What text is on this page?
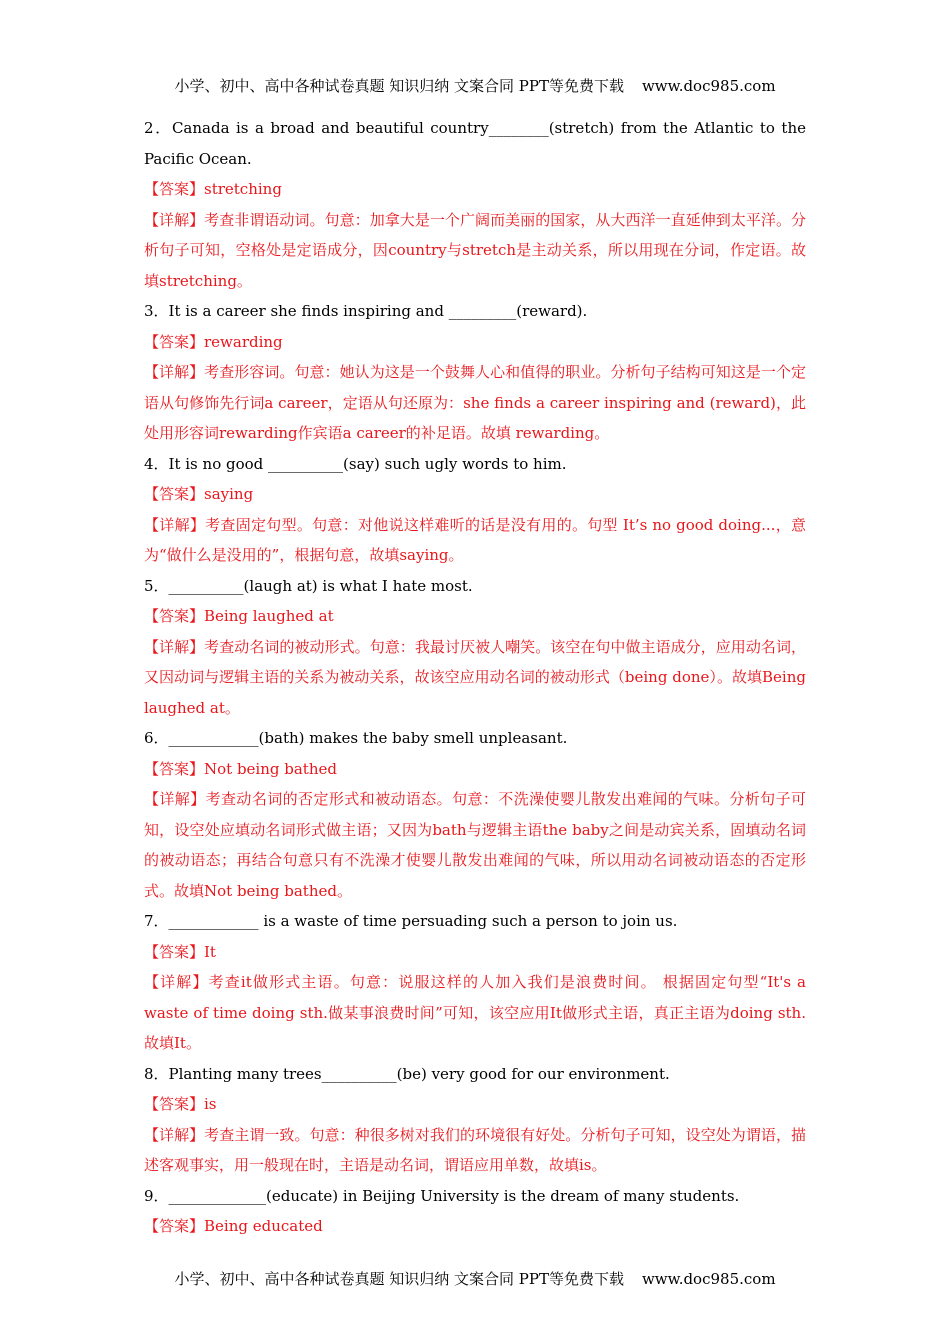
小学、初中、高中各种试卷真题 知识归纳 文案合同 PPT等免费下载 www.doc985.com
2．Canada is a broad and beautiful country________(stretch) from the Atlantic to the Pacific Ocean.
【答案】stretching
【详解】考查非谓语动词。句意：加拿大是一个广阔而美丽的国家，从大西洋一直延伸到太平洋。分析句子可知，空格处是定语成分，因country与stretch是主动关系，所以用现在分词，作定语。故填stretching。
3．It is a career she finds inspiring and _________(reward).
【答案】rewarding
【详解】考查形容词。句意：她认为这是一个鼓舞人心和值得的职业。分析句子结构可知这是一个定语从句修饰先行词a career，定语从句还原为：she finds a career inspiring and (reward)，此处用形容词rewarding作宾语a career的补足语。故填 rewarding。
4．It is no good __________(say) such ugly words to him.
【答案】saying
【详解】考查固定句型。句意：对他说这样难听的话是没有用的。句型 It’s no good doing...，意为“做什么是没用的”，根据句意，故填saying。
5．__________(laugh at) is what I hate most.
【答案】Being laughed at
【详解】考查动名词的被动形式。句意：我最讨厌被人嘲笑。该空在句中做主语成分，应用动名词，又因动词与逻辑主语的关系为被动关系，故该空应用动名词的被动形式（being done）。故填Being laughed at。
6．____________(bath) makes the baby smell unpleasant.
【答案】Not being bathed
【详解】考查动名词的否定形式和被动语态。句意：不洗澡使婴儿散发出难闻的气味。分析句子可知，设空处应填动名词形式做主语；又因为bath与逻辑主语the baby之间是动宾关系，固填动名词的被动语态；再结合句意只有不洗澡才使婴儿散发出难闻的气味，所以用动名词被动语态的否定形式。故填Not being bathed。
7．____________ is a waste of time persuading such a person to join us.
【答案】It
【详解】考查it做形式主语。句意：说服这样的人加入我们是浪费时间。 根据固定句型“It's a waste of time doing sth.做某事浪费时间”可知，该空应用It做形式主语，真正主语为doing sth. 故填It。
8．Planting many trees__________(be) very good for our environment.
【答案】is
【详解】考查主谓一致。句意：种很多树对我们的环境很有好处。分析句子可知，设空处为谓语，描述客观事实，用一般现在时，主语是动名词，谓语应用单数，故填is。
9．_____________(educate) in Beijing University is the dream of many students.
【答案】Being educated
小学、初中、高中各种试卷真题 知识归纳 文案合同 PPT等免费下载 www.doc985.com
